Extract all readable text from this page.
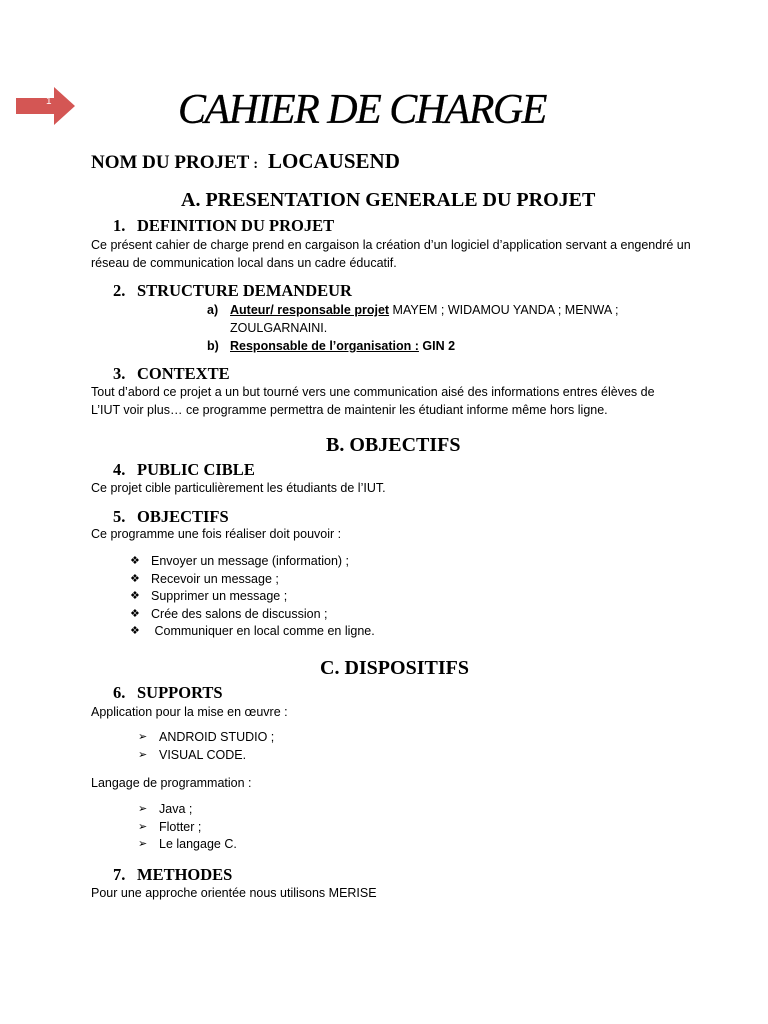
1	CAHIER DE CHARGE
NOM DU PROJET : LOCAUSEND
A. PRESENTATION GENERALE DU PROJET
1. DEFINITION DU PROJET

Ce présent cahier de charge prend en cargaison la création d’un logiciel d’application servant a engendré un réseau de communication local dans un cadre éducatif.

2. STRUCTURE DEMANDEUR
a) Auteur/ responsable projet MAYEM ; WIDAMOU YANDA ; MENWA ;
ZOULGARNAINI.
b) Responsable de l’organisation : GIN 2
3. CONTEXTE

Tout d’abord ce projet a un but tourné vers une communication aisé des informations entres élèves de L’IUT voir plus… ce programme permettra de maintenir les étudiant informe même hors ligne.

B. OBJECTIFS
4. PUBLIC CIBLE

Ce projet cible particulièrement les étudiants de l’IUT.

5. OBJECTIFS

Ce programme une fois réaliser doit pouvoir :

❖ Envoyer un message (information) ;
❖ Recevoir un message ;
❖ Supprimer un message ;
❖ Crée des salons de discussion ;
❖ Communiquer en local comme en ligne.
C. DISPOSITIFS
6. SUPPORTS

Application pour la mise en œuvre :

➢ ANDROID STUDIO ;
➢ VISUAL CODE.

Langage de programmation :

➢ Java ;
➢ Flotter ;
➢ Le langage C.
7. METHODES

Pour une approche orientée nous utilisons MERISE
